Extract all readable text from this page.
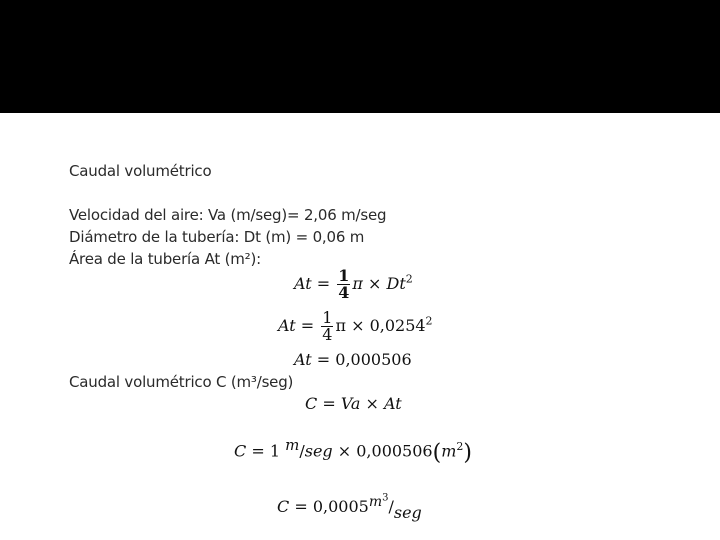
Caudal volumétrico
Velocidad del aire: Va (m/seg)= 2,06 m/seg
Diámetro de la tubería: Dt (m) = 0,06 m
Área de la tubería At (m²):
$At = \frac{1}{4}$ $\pi \times Dt^2$
$At = \frac{1}{4}$ $\pi \times 0,0254^2$
At = 0,000506
Caudal volumétrico C (m³/seg)
C = Va × At
C = 1 $^m/seg \times 0,000506(m^2)$
$C = 0,0005^{m^3}$/seg
